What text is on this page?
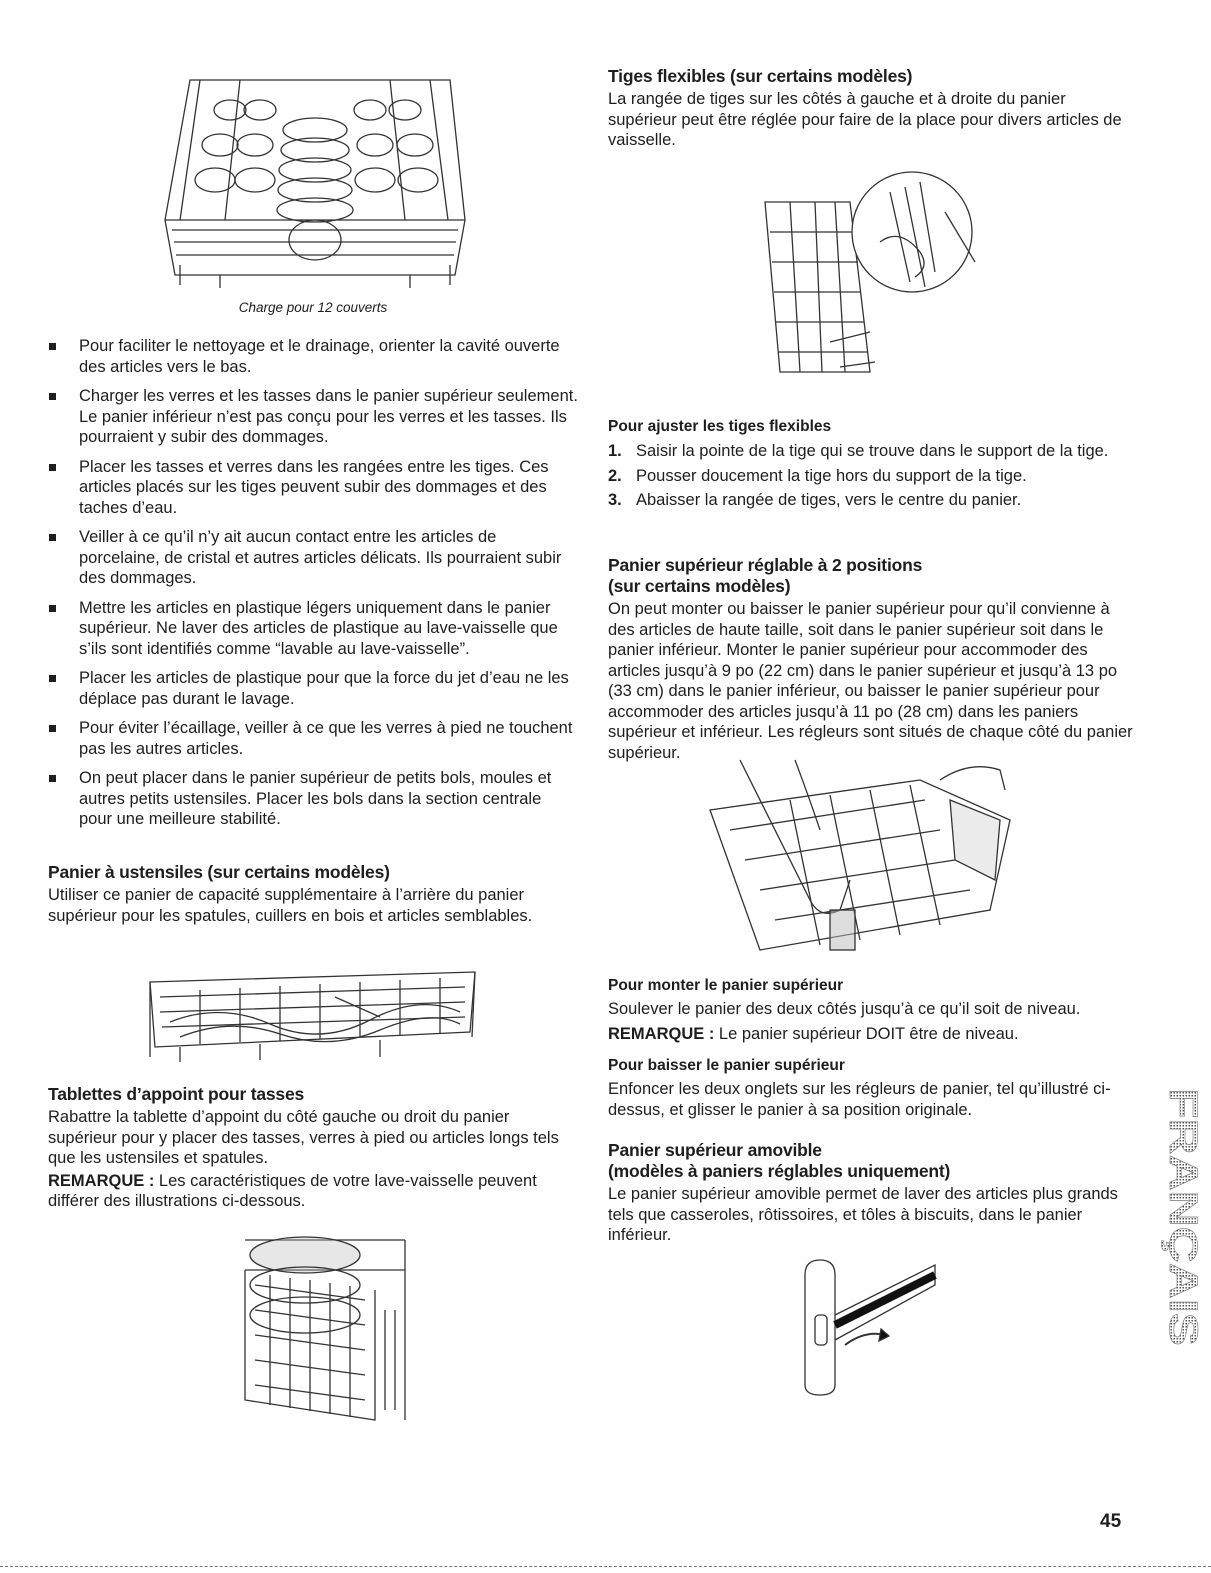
Charge pour 12 couverts
Pour faciliter le nettoyage et le drainage, orienter la cavité ouverte des articles vers le bas.
Charger les verres et les tasses dans le panier supérieur seulement. Le panier inférieur n’est pas conçu pour les verres et les tasses. Ils pourraient y subir des dommages.
Placer les tasses et verres dans les rangées entre les tiges. Ces articles placés sur les tiges peuvent subir des dommages et des taches d’eau.
Veiller à ce qu’il n’y ait aucun contact entre les articles de porcelaine, de cristal et autres articles délicats. Ils pourraient subir des dommages.
Mettre les articles en plastique légers uniquement dans le panier supérieur. Ne laver des articles de plastique au lave-vaisselle que s’ils sont identifiés comme “lavable au lave-vaisselle”.
Placer les articles de plastique pour que la force du jet d’eau ne les déplace pas durant le lavage.
Pour éviter l’écaillage, veiller à ce que les verres à pied ne touchent pas les autres articles.
On peut placer dans le panier supérieur de petits bols, moules et autres petits ustensiles. Placer les bols dans la section centrale pour une meilleure stabilité.
Panier à ustensiles (sur certains modèles)

Utiliser ce panier de capacité supplémentaire à l’arrière du panier supérieur pour les spatules, cuillers en bois et articles semblables.

Tablettes d’appoint pour tasses

Rabattre la tablette d’appoint du côté gauche ou droit du panier supérieur pour y placer des tasses, verres à pied ou articles longs tels que les ustensiles et spatules.

REMARQUE : Les caractéristiques de votre lave-vaisselle peuvent différer des illustrations ci-dessous.

Tiges flexibles (sur certains modèles)

La rangée de tiges sur les côtés à gauche et à droite du panier supérieur peut être réglée pour faire de la place pour divers articles de vaisselle.

Pour ajuster les tiges flexibles
1. Saisir la pointe de la tige qui se trouve dans le support de la tige.
2. Pousser doucement la tige hors du support de la tige.
3. Abaisser la rangée de tiges, vers le centre du panier.
Panier supérieur réglable à 2 positions
(sur certains modèles)

On peut monter ou baisser le panier supérieur pour qu’il convienne à des articles de haute taille, soit dans le panier supérieur soit dans le panier inférieur. Monter le panier supérieur pour accommoder des articles jusqu’à 9 po (22 cm) dans le panier supérieur et jusqu’à 13 po (33 cm) dans le panier inférieur, ou baisser le panier supérieur pour accommoder des articles jusqu’à 11 po (28 cm) dans les paniers supérieur et inférieur. Les régleurs sont situés de chaque côté du panier supérieur.

Pour monter le panier supérieur

Soulever le panier des deux côtés jusqu’à ce qu’il soit de niveau.

REMARQUE : Le panier supérieur DOIT être de niveau.

Pour baisser le panier supérieur

Enfoncer les deux onglets sur les régleurs de panier, tel qu’illustré ci-dessus, et glisser le panier à sa position originale.

Panier supérieur amovible
(modèles à paniers réglables uniquement)

Le panier supérieur amovible permet de laver des articles plus grands tels que casseroles, rôtissoires, et tôles à biscuits, dans le panier inférieur.	FRANÇAIS
45
